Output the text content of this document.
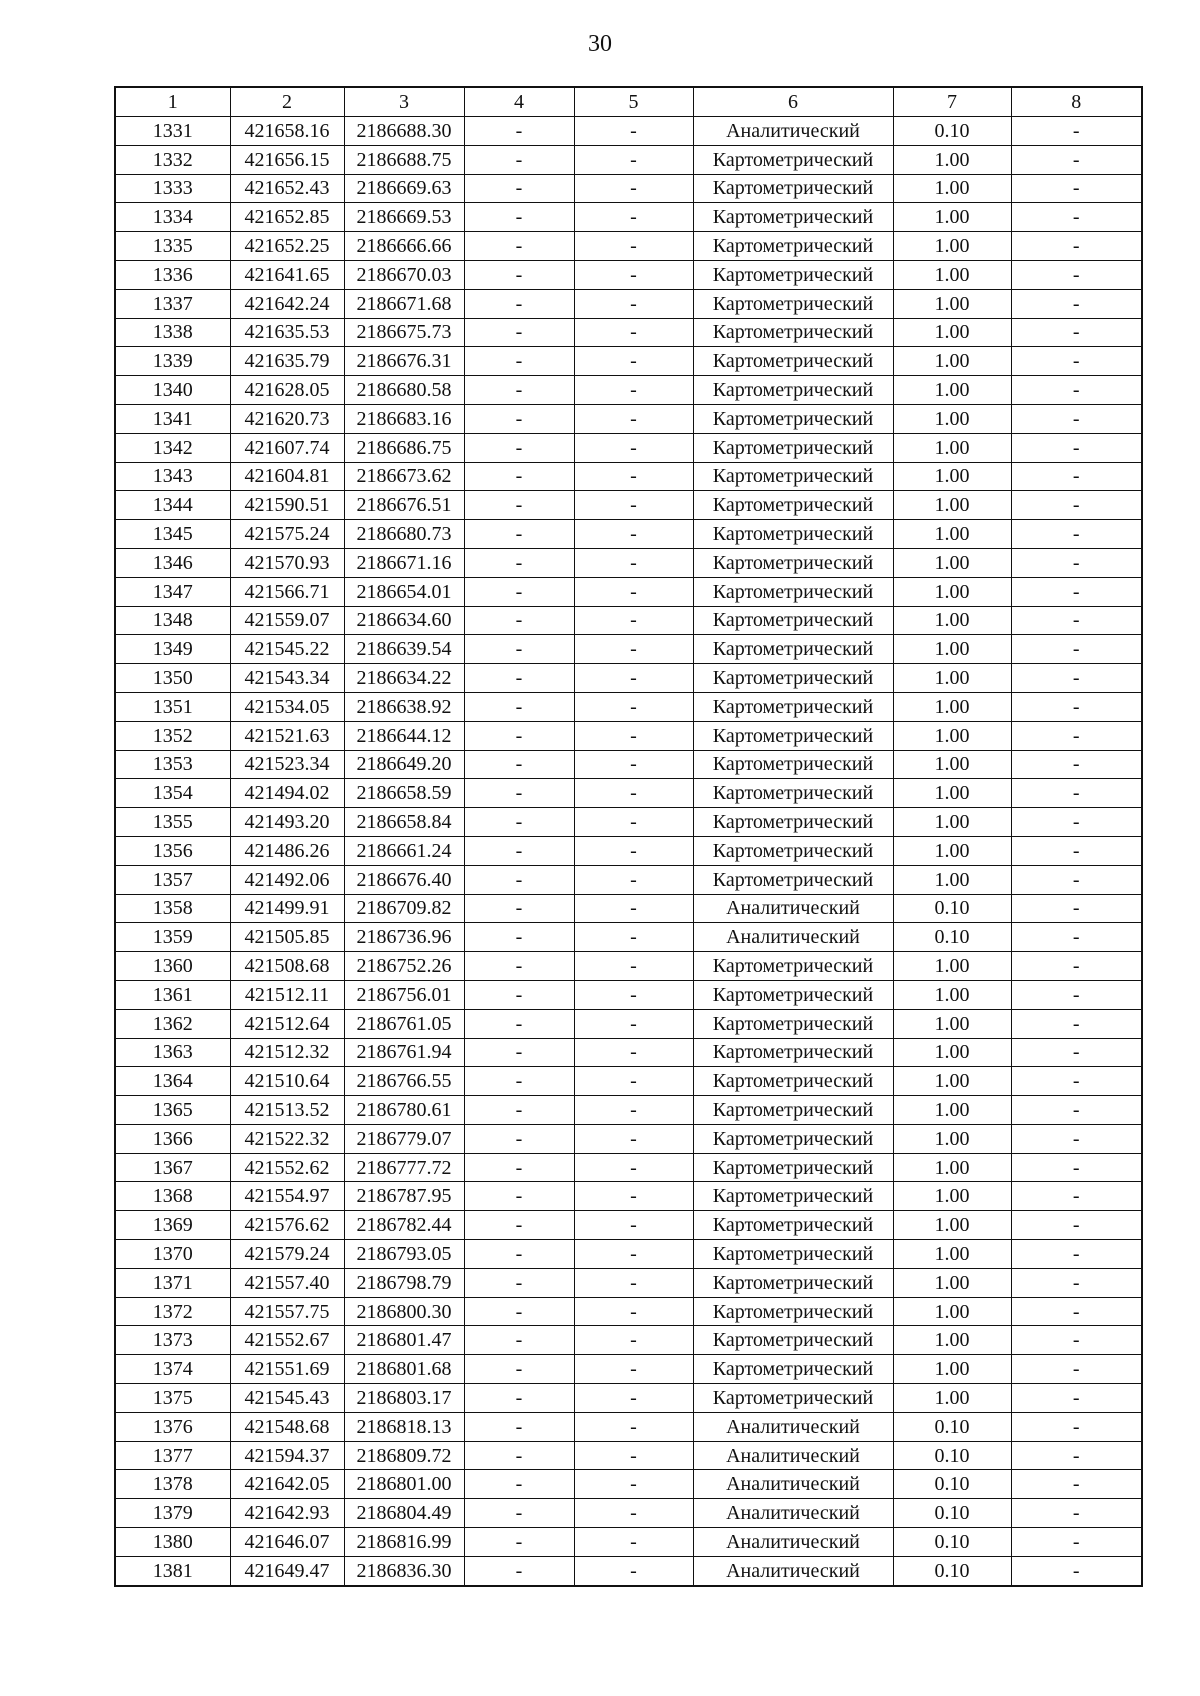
30
1	2	3	4	5	6	7	8
1331	421658.16	2186688.30	-	-	Аналитический	0.10	-
1332	421656.15	2186688.75	-	-	Картометрический	1.00	-
1333	421652.43	2186669.63	-	-	Картометрический	1.00	-
1334	421652.85	2186669.53	-	-	Картометрический	1.00	-
1335	421652.25	2186666.66	-	-	Картометрический	1.00	-
1336	421641.65	2186670.03	-	-	Картометрический	1.00	-
1337	421642.24	2186671.68	-	-	Картометрический	1.00	-
1338	421635.53	2186675.73	-	-	Картометрический	1.00	-
1339	421635.79	2186676.31	-	-	Картометрический	1.00	-
1340	421628.05	2186680.58	-	-	Картометрический	1.00	-
1341	421620.73	2186683.16	-	-	Картометрический	1.00	-
1342	421607.74	2186686.75	-	-	Картометрический	1.00	-
1343	421604.81	2186673.62	-	-	Картометрический	1.00	-
1344	421590.51	2186676.51	-	-	Картометрический	1.00	-
1345	421575.24	2186680.73	-	-	Картометрический	1.00	-
1346	421570.93	2186671.16	-	-	Картометрический	1.00	-
1347	421566.71	2186654.01	-	-	Картометрический	1.00	-
1348	421559.07	2186634.60	-	-	Картометрический	1.00	-
1349	421545.22	2186639.54	-	-	Картометрический	1.00	-
1350	421543.34	2186634.22	-	-	Картометрический	1.00	-
1351	421534.05	2186638.92	-	-	Картометрический	1.00	-
1352	421521.63	2186644.12	-	-	Картометрический	1.00	-
1353	421523.34	2186649.20	-	-	Картометрический	1.00	-
1354	421494.02	2186658.59	-	-	Картометрический	1.00	-
1355	421493.20	2186658.84	-	-	Картометрический	1.00	-
1356	421486.26	2186661.24	-	-	Картометрический	1.00	-
1357	421492.06	2186676.40	-	-	Картометрический	1.00	-
1358	421499.91	2186709.82	-	-	Аналитический	0.10	-
1359	421505.85	2186736.96	-	-	Аналитический	0.10	-
1360	421508.68	2186752.26	-	-	Картометрический	1.00	-
1361	421512.11	2186756.01	-	-	Картометрический	1.00	-
1362	421512.64	2186761.05	-	-	Картометрический	1.00	-
1363	421512.32	2186761.94	-	-	Картометрический	1.00	-
1364	421510.64	2186766.55	-	-	Картометрический	1.00	-
1365	421513.52	2186780.61	-	-	Картометрический	1.00	-
1366	421522.32	2186779.07	-	-	Картометрический	1.00	-
1367	421552.62	2186777.72	-	-	Картометрический	1.00	-
1368	421554.97	2186787.95	-	-	Картометрический	1.00	-
1369	421576.62	2186782.44	-	-	Картометрический	1.00	-
1370	421579.24	2186793.05	-	-	Картометрический	1.00	-
1371	421557.40	2186798.79	-	-	Картометрический	1.00	-
1372	421557.75	2186800.30	-	-	Картометрический	1.00	-
1373	421552.67	2186801.47	-	-	Картометрический	1.00	-
1374	421551.69	2186801.68	-	-	Картометрический	1.00	-
1375	421545.43	2186803.17	-	-	Картометрический	1.00	-
1376	421548.68	2186818.13	-	-	Аналитический	0.10	-
1377	421594.37	2186809.72	-	-	Аналитический	0.10	-
1378	421642.05	2186801.00	-	-	Аналитический	0.10	-
1379	421642.93	2186804.49	-	-	Аналитический	0.10	-
1380	421646.07	2186816.99	-	-	Аналитический	0.10	-
1381	421649.47	2186836.30	-	-	Аналитический	0.10	-
